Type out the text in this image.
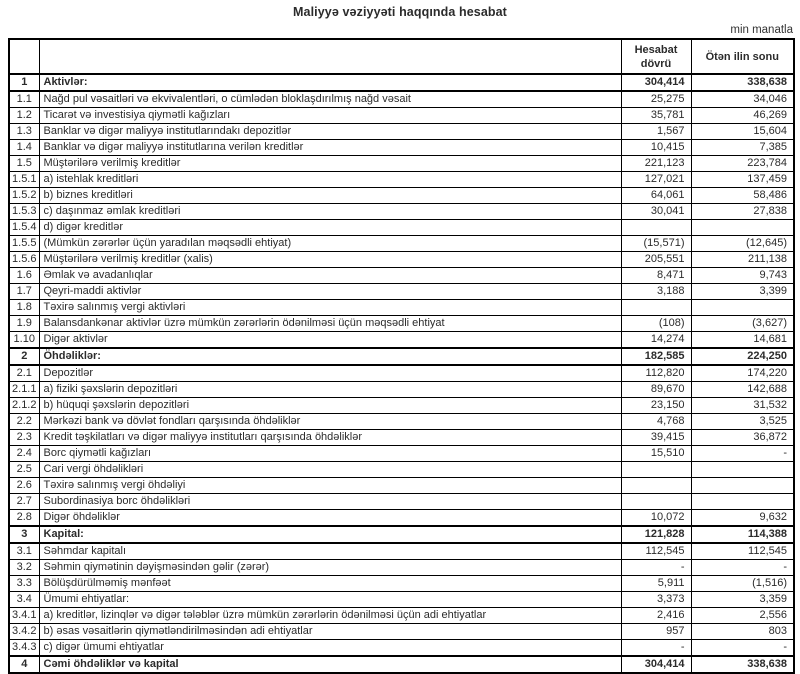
Maliyyə vəziyyəti haqqında hesabat
min manatla
		Hesabat dövrü	Ötən ilin sonu
1	Aktivlər:	304,414	338,638
1.1	Nağd pul vəsaitləri və ekvivalentləri, o cümlədən bloklaşdırılmış nağd vəsait	25,275	34,046
1.2	Ticarət və investisiya qiymətli kağızları	35,781	46,269
1.3	Banklar və digər maliyyə institutlarındakı depozitlər	1,567	15,604
1.4	Banklar və digər maliyyə institutlarına verilən kreditlər	10,415	7,385
1.5	Müştərilərə verilmiş kreditlər	221,123	223,784
1.5.1	a) istehlak kreditləri	127,021	137,459
1.5.2	b) biznes kreditləri	64,061	58,486
1.5.3	c) daşınmaz əmlak kreditləri	30,041	27,838
1.5.4	d) digər kreditlər		
1.5.5	(Mümkün zərərlər üçün yaradılan məqsədli ehtiyat)	(15,571)	(12,645)
1.5.6	Müştərilərə verilmiş kreditlər (xalis)	205,551	211,138
1.6	Əmlak və avadanlıqlar	8,471	9,743
1.7	Qeyri-maddi aktivlər	3,188	3,399
1.8	Təxirə salınmış vergi aktivləri		
1.9	Balansdankənar aktivlər üzrə mümkün zərərlərin ödənilməsi üçün məqsədli ehtiyat	(108)	(3,627)
1.10	Digər aktivlər	14,274	14,681
2	Öhdəliklər:	182,585	224,250
2.1	Depozitlər	112,820	174,220
2.1.1	a) fiziki şəxslərin depozitləri	89,670	142,688
2.1.2	b) hüquqi şəxslərin depozitləri	23,150	31,532
2.2	Mərkəzi bank və dövlət fondları qarşısında öhdəliklər	4,768	3,525
2.3	Kredit təşkilatları və digər maliyyə institutları qarşısında öhdəliklər	39,415	36,872
2.4	Borc qiymətli kağızları	15,510	-
2.5	Cari vergi öhdəlikləri		
2.6	Təxirə salınmış vergi öhdəliyi		
2.7	Subordinasiya borc öhdəlikləri		
2.8	Digər öhdəliklər	10,072	9,632
3	Kapital:	121,828	114,388
3.1	Səhmdar kapitalı	112,545	112,545
3.2	Səhmin qiymətinin dəyişməsindən gəlir (zərər)	-	-
3.3	Bölüşdürülməmiş mənfəət	5,911	(1,516)
3.4	Ümumi ehtiyatlar:	3,373	3,359
3.4.1	a) kreditlər, lizinqlər və digər tələblər üzrə mümkün zərərlərin ödənilməsi üçün adi ehtiyatlar	2,416	2,556
3.4.2	b) əsas vəsaitlərin qiymətləndirilməsindən adi ehtiyatlar	957	803
3.4.3	c) digər ümumi ehtiyatlar	-	-
4	Cəmi öhdəliklər və kapital	304,414	338,638
